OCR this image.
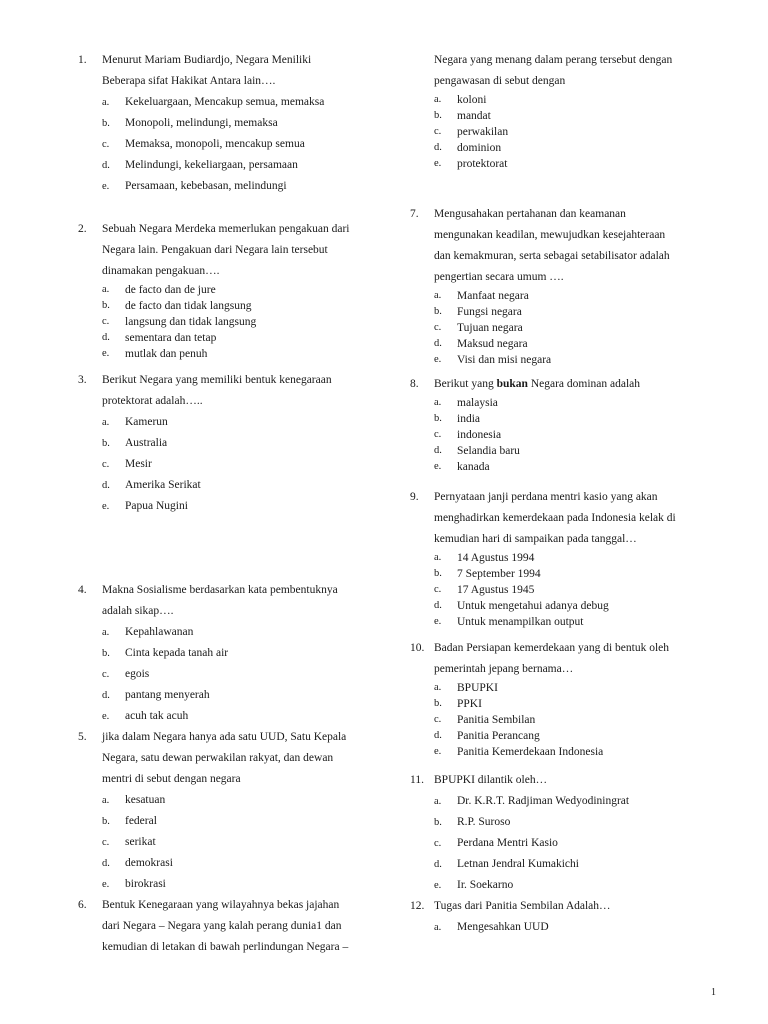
1.	Menurut Mariam Budiardjo, Negara Meniliki
Beberapa sifat Hakikat Antara lain….
a.	Kekeluargaan, Mencakup semua, memaksa
b.	Monopoli, melindungi, memaksa
c.	Memaksa, monopoli, mencakup semua
d.	Melindungi, kekeliargaan, persamaan
e.	Persamaan, kebebasan, melindungi
2.	Sebuah Negara Merdeka memerlukan pengakuan dari
Negara lain. Pengakuan dari Negara lain tersebut
dinamakan pengakuan….
a.	de facto dan de jure
b.	de facto dan tidak langsung
c.	langsung dan tidak langsung
d.	sementara dan tetap
e.	mutlak dan penuh
3.	Berikut Negara yang memiliki bentuk kenegaraan
protektorat adalah…..
a.	Kamerun
b.	Australia
c.	Mesir
d.	Amerika Serikat
e.	Papua Nugini
4.	Makna Sosialisme berdasarkan kata pembentuknya
adalah sikap….
a.	Kepahlawanan
b.	Cinta kepada tanah air
c.	egois
d.	pantang menyerah
e.	acuh tak acuh
5.	jika dalam Negara hanya ada satu UUD, Satu Kepala
Negara, satu dewan perwakilan rakyat, dan dewan
mentri di sebut dengan negara
a.	kesatuan
b.	federal
c.	serikat
d.	demokrasi
e.	birokrasi
6.	Bentuk Kenegaraan yang wilayahnya bekas jajahan
dari Negara – Negara yang kalah perang dunia1 dan
kemudian di letakan di bawah perlindungan Negara –
Negara yang menang dalam perang tersebut dengan
pengawasan di sebut dengan
a.	koloni
b.	mandat
c.	perwakilan
d.	dominion
e.	protektorat
7.	Mengusahakan pertahanan dan keamanan
mengunakan keadilan, mewujudkan kesejahteraan
dan kemakmuran, serta sebagai setabilisator adalah
pengertian secara umum ….
a.	Manfaat negara
b.	Fungsi negara
c.	Tujuan negara
d.	Maksud negara
e.	Visi dan misi negara
8.	Berikut yang bukan Negara dominan adalah
a.	malaysia
b.	india
c.	indonesia
d.	Selandia baru
e.	kanada
9.	Pernyataan janji perdana mentri kasio yang akan
menghadirkan kemerdekaan pada Indonesia kelak di
kemudian hari di sampaikan pada tanggal…
a.	14 Agustus 1994
b.	7 September 1994
c.	17 Agustus 1945
d.	Untuk mengetahui adanya debug
e.	Untuk menampilkan output
10. Badan Persiapan kemerdekaan yang di bentuk oleh
pemerintah jepang bernama…
a.	BPUPKI
b.	PPKI
c.	Panitia Sembilan
d.	Panitia Perancang
e.	Panitia Kemerdekaan Indonesia
11. BPUPKI dilantik oleh…
a.	Dr. K.R.T. Radjiman Wedyodiningrat
b.	R.P. Suroso
c.	Perdana Mentri Kasio
d.	Letnan Jendral Kumakichi
e.	Ir. Soekarno
12. Tugas dari Panitia Sembilan Adalah…
a.	Mengesahkan UUD
1
